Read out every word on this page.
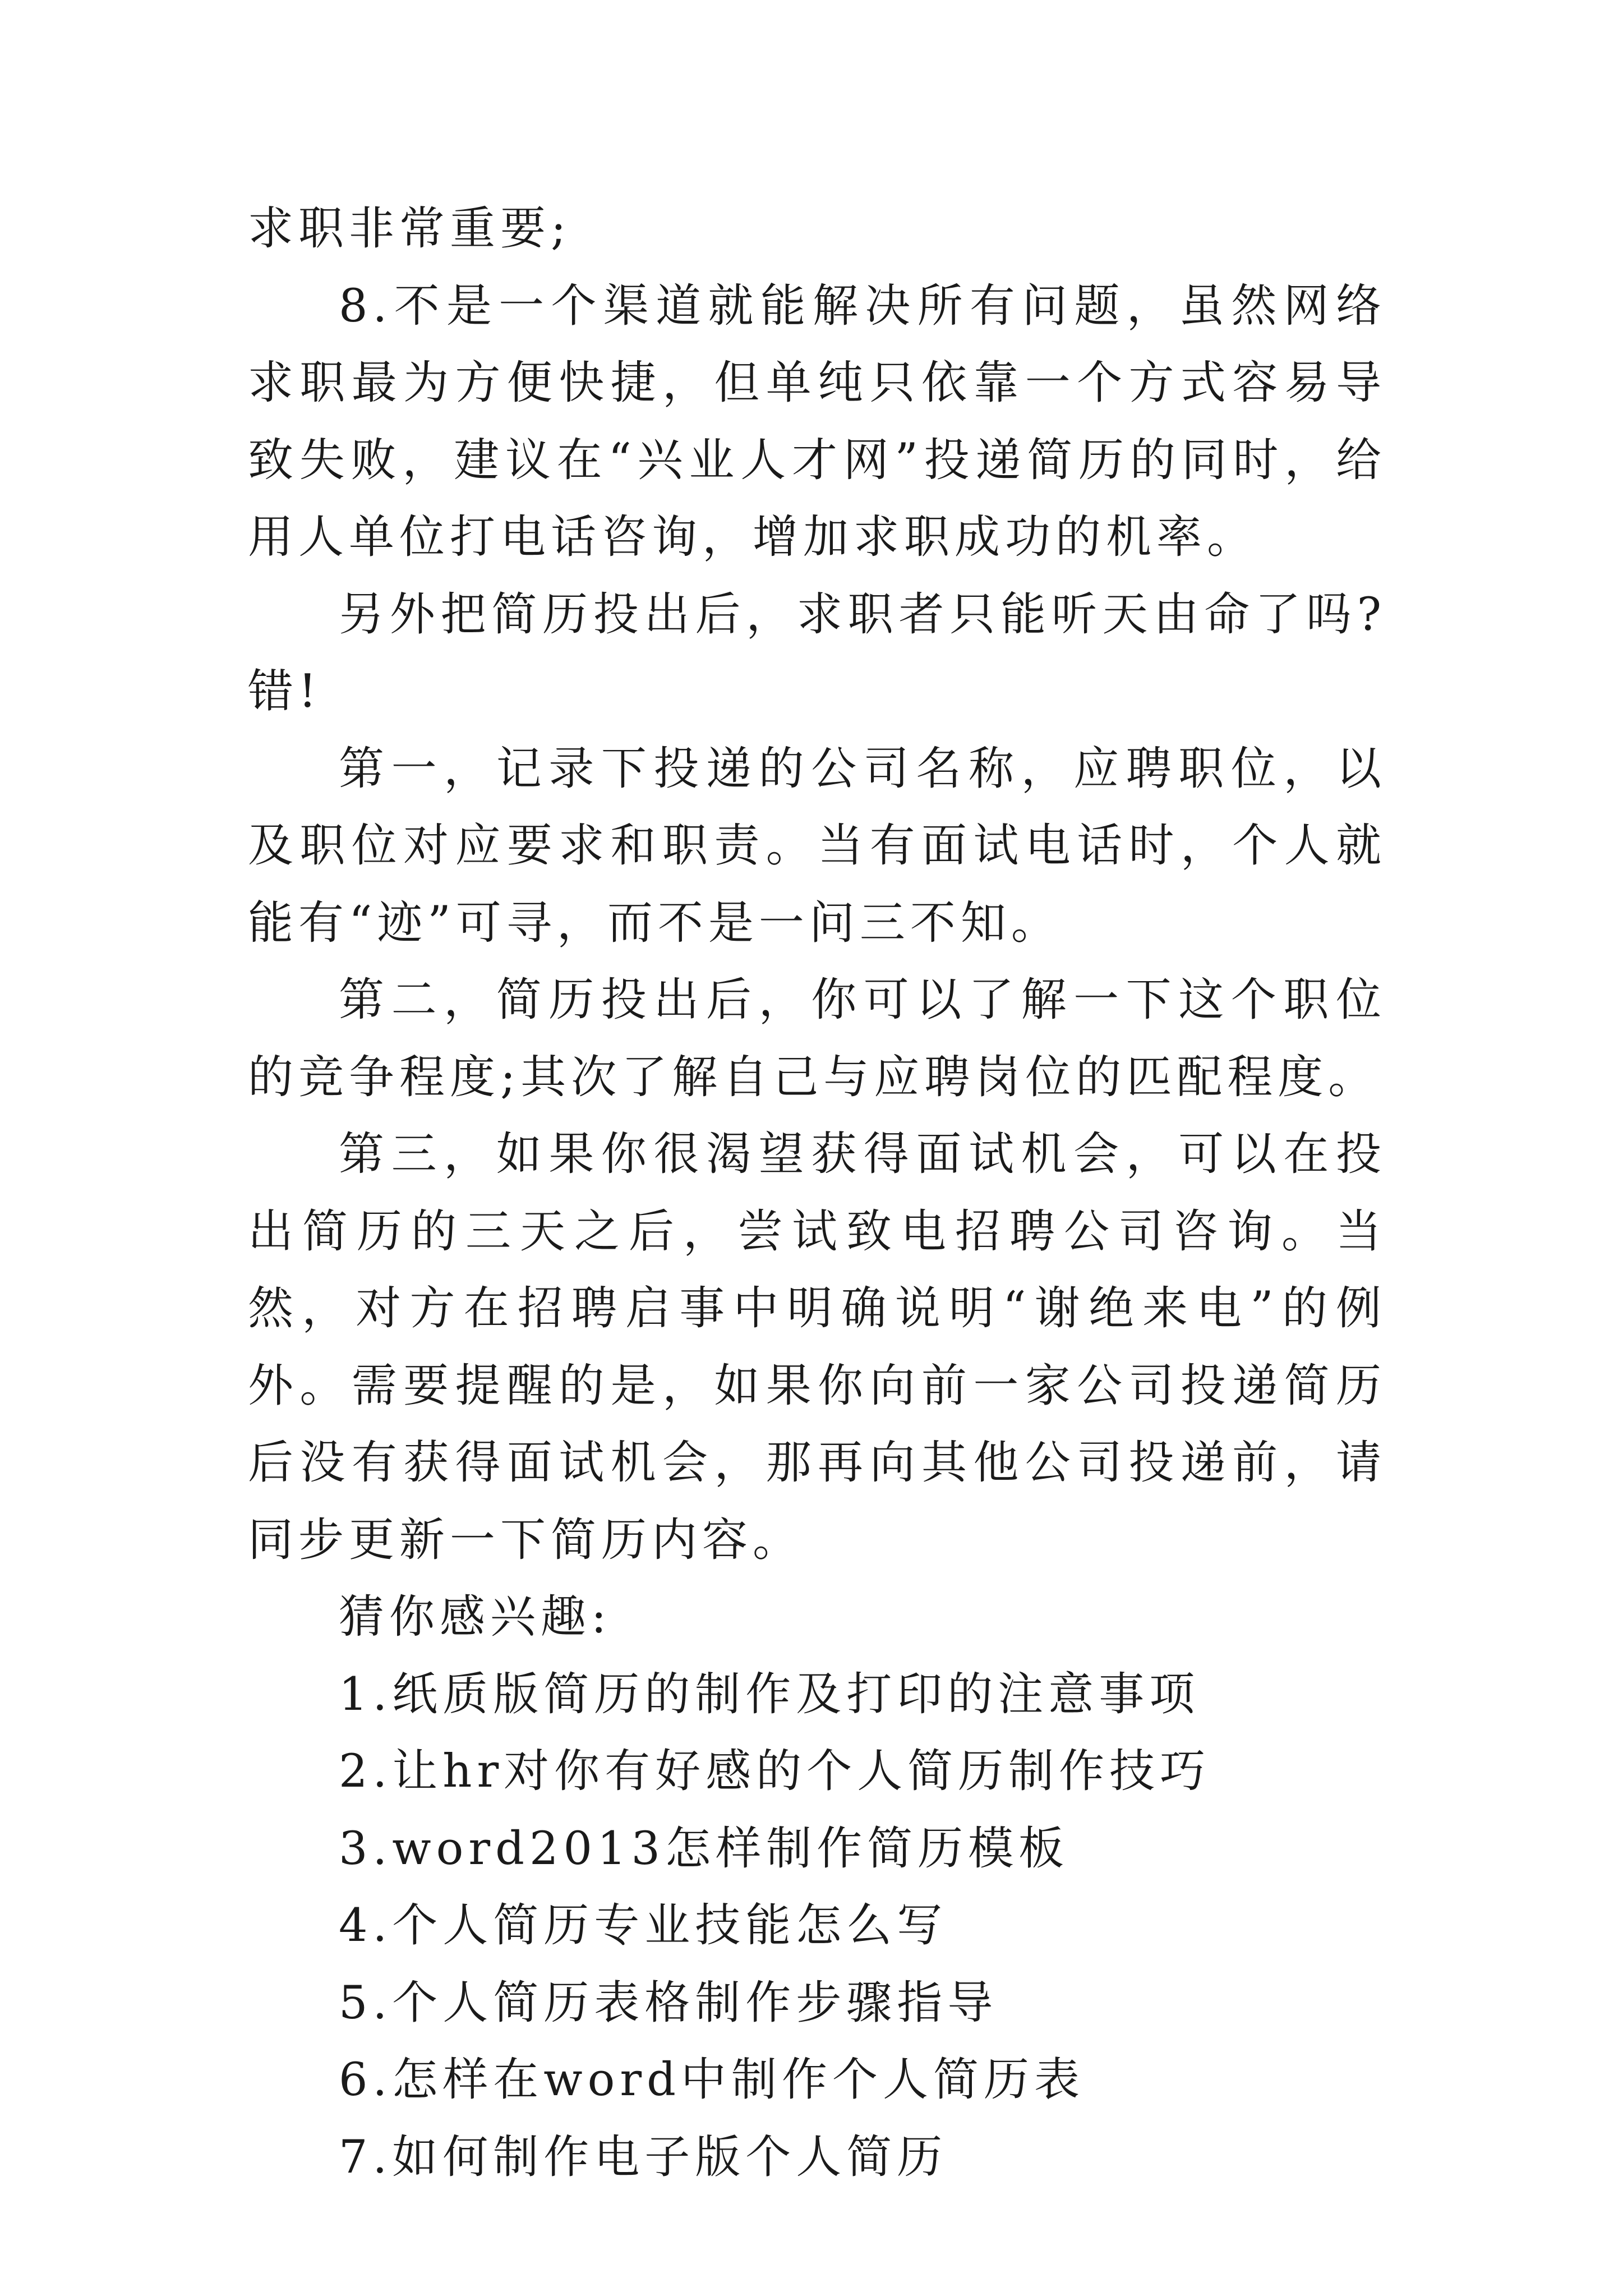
求职非常重要;

8.不是一个渠道就能解决所有问题，虽然网络求职最为方便快捷，但单纯只依靠一个方式容易导致失败，建议在“兴业人才网”投递简历的同时，给用人单位打电话咨询，增加求职成功的机率。

另外把简历投出后，求职者只能听天由命了吗?错!

第一，记录下投递的公司名称，应聘职位，以及职位对应要求和职责。当有面试电话时，个人就能有“迹”可寻，而不是一问三不知。

第二，简历投出后，你可以了解一下这个职位的竞争程度;其次了解自己与应聘岗位的匹配程度。

第三，如果你很渴望获得面试机会，可以在投出简历的三天之后，尝试致电招聘公司咨询。当然，对方在招聘启事中明确说明“谢绝来电”的例外。需要提醒的是，如果你向前一家公司投递简历后没有获得面试机会，那再向其他公司投递前，请同步更新一下简历内容。

猜你感兴趣:

1.纸质版简历的制作及打印的注意事项

2.让hr对你有好感的个人简历制作技巧

3.word2013怎样制作简历模板

4.个人简历专业技能怎么写

5.个人简历表格制作步骤指导

6.怎样在word中制作个人简历表

7.如何制作电子版个人简历
